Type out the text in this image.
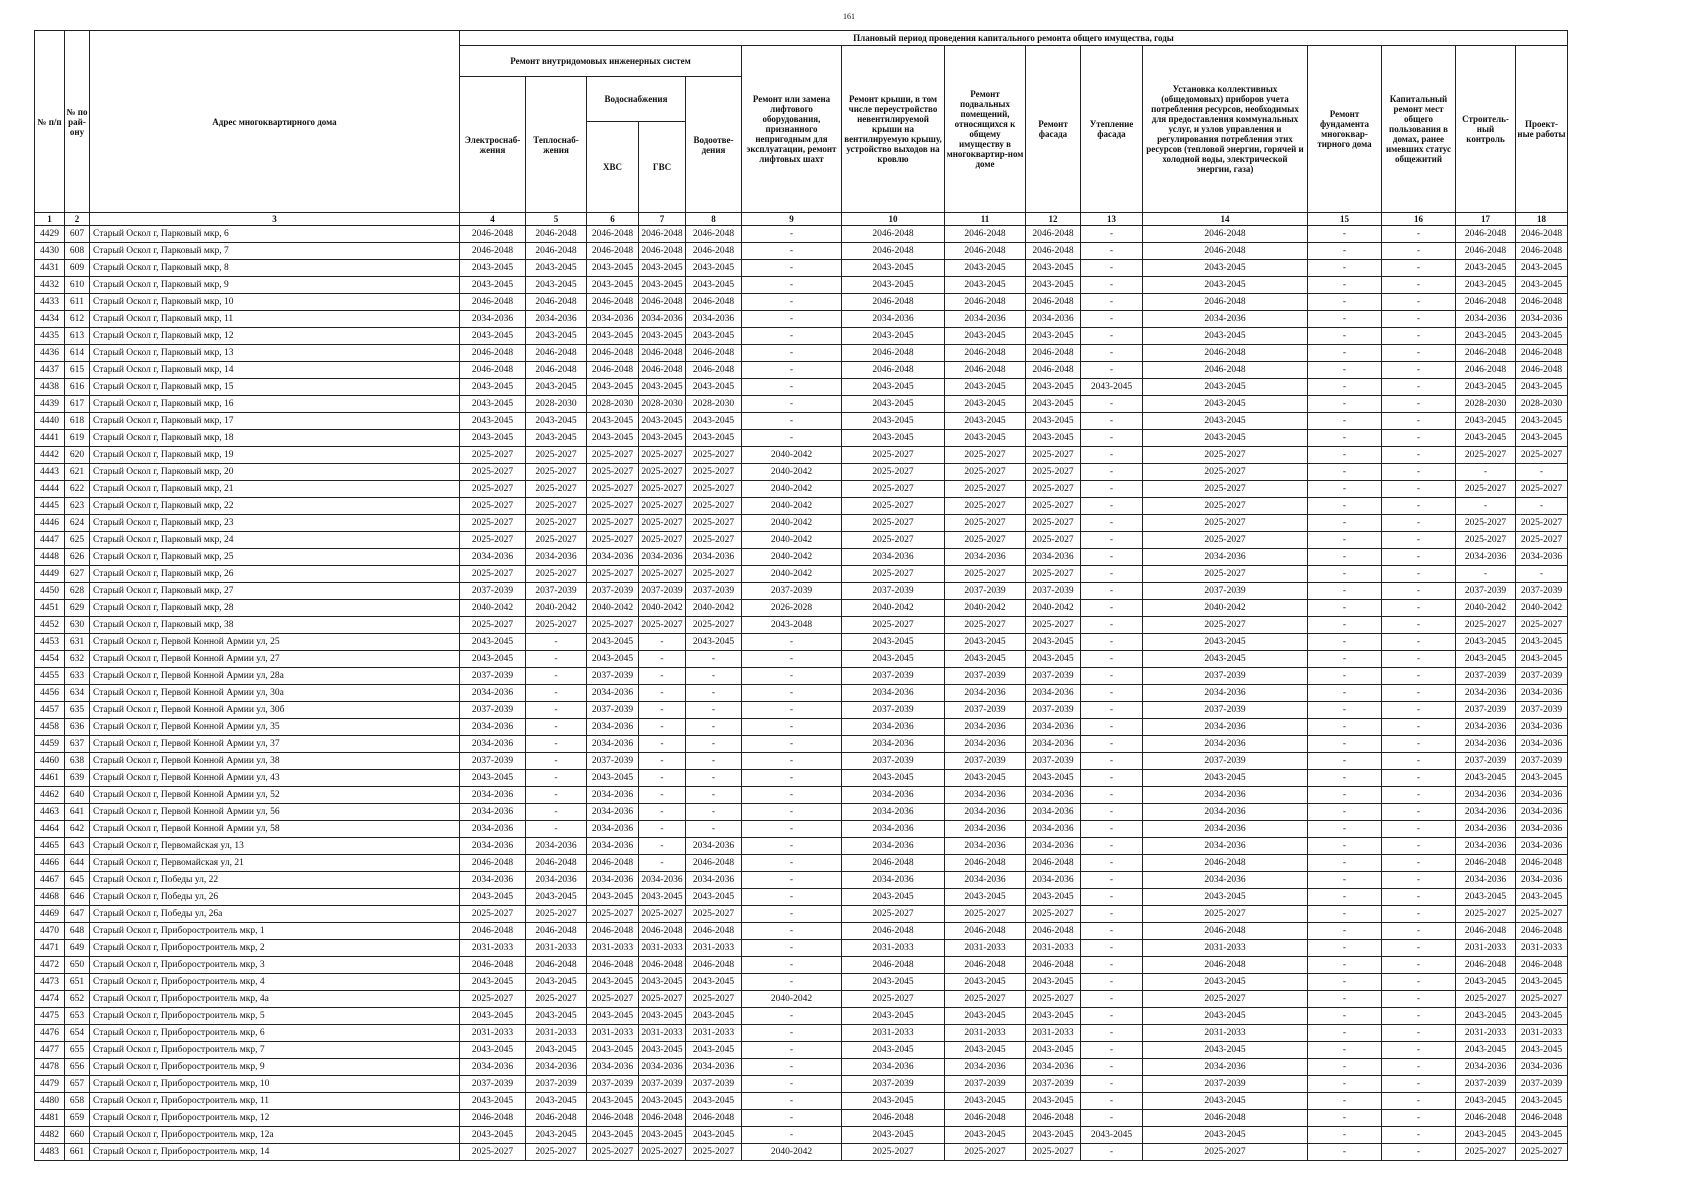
161
№ п/п	№ по рай-ону	Адрес многоквартирного дома	Плановый период проведения капитального ремонта общего имущества, годы														
			Ремонт внутридомовых инженерных систем					Ремонт или замена лифтового оборудования, признанного непригодным для эксплуатации, ремонт лифтовых шахт	Ремонт крыши, в том числе переустройство невентилируемой крыши на вентилируемую крышу, устройство выходов на кровлю	Ремонт подвальных помещений, относящихся к общему имуществу в многоквартир-ном доме	Ремонт фасада	Утепление фасада	Установка коллективных (общедомовых) приборов учета потребления ресурсов, необходимых для предоставления коммунальных услуг, и узлов управления и регулирования потребления этих ресурсов (тепловой энергии, горячей и холодной воды, электрической энергии, газа)	Ремонт фундамента многоквар-тирного дома	Капитальный ремонт мест общего пользования в домах, ранее имевших статус общежитий	Строитель-ный контроль	Проект-ные работы
			Электроснаб-жения	Теплоснаб-жения	Водоснабжения		Водоотве-дения										
					ХВС	ГВС											
1	2	3	4	5	6	7	8	9	10	11	12	13	14	15	16	17	18
4429	607	Старый Оскол г, Парковый мкр, 6	2046-2048	2046-2048	2046-2048	2046-2048	2046-2048	-	2046-2048	2046-2048	2046-2048	-	2046-2048	-	-	2046-2048	2046-2048
4430	608	Старый Оскол г, Парковый мкр, 7	2046-2048	2046-2048	2046-2048	2046-2048	2046-2048	-	2046-2048	2046-2048	2046-2048	-	2046-2048	-	-	2046-2048	2046-2048
4431	609	Старый Оскол г, Парковый мкр, 8	2043-2045	2043-2045	2043-2045	2043-2045	2043-2045	-	2043-2045	2043-2045	2043-2045	-	2043-2045	-	-	2043-2045	2043-2045
4432	610	Старый Оскол г, Парковый мкр, 9	2043-2045	2043-2045	2043-2045	2043-2045	2043-2045	-	2043-2045	2043-2045	2043-2045	-	2043-2045	-	-	2043-2045	2043-2045
4433	611	Старый Оскол г, Парковый мкр, 10	2046-2048	2046-2048	2046-2048	2046-2048	2046-2048	-	2046-2048	2046-2048	2046-2048	-	2046-2048	-	-	2046-2048	2046-2048
4434	612	Старый Оскол г, Парковый мкр, 11	2034-2036	2034-2036	2034-2036	2034-2036	2034-2036	-	2034-2036	2034-2036	2034-2036	-	2034-2036	-	-	2034-2036	2034-2036
4435	613	Старый Оскол г, Парковый мкр, 12	2043-2045	2043-2045	2043-2045	2043-2045	2043-2045	-	2043-2045	2043-2045	2043-2045	-	2043-2045	-	-	2043-2045	2043-2045
4436	614	Старый Оскол г, Парковый мкр, 13	2046-2048	2046-2048	2046-2048	2046-2048	2046-2048	-	2046-2048	2046-2048	2046-2048	-	2046-2048	-	-	2046-2048	2046-2048
4437	615	Старый Оскол г, Парковый мкр, 14	2046-2048	2046-2048	2046-2048	2046-2048	2046-2048	-	2046-2048	2046-2048	2046-2048	-	2046-2048	-	-	2046-2048	2046-2048
4438	616	Старый Оскол г, Парковый мкр, 15	2043-2045	2043-2045	2043-2045	2043-2045	2043-2045	-	2043-2045	2043-2045	2043-2045	2043-2045	2043-2045	-	-	2043-2045	2043-2045
4439	617	Старый Оскол г, Парковый мкр, 16	2043-2045	2028-2030	2028-2030	2028-2030	2028-2030	-	2043-2045	2043-2045	2043-2045	-	2043-2045	-	-	2028-2030	2028-2030
4440	618	Старый Оскол г, Парковый мкр, 17	2043-2045	2043-2045	2043-2045	2043-2045	2043-2045	-	2043-2045	2043-2045	2043-2045	-	2043-2045	-	-	2043-2045	2043-2045
4441	619	Старый Оскол г, Парковый мкр, 18	2043-2045	2043-2045	2043-2045	2043-2045	2043-2045	-	2043-2045	2043-2045	2043-2045	-	2043-2045	-	-	2043-2045	2043-2045
4442	620	Старый Оскол г, Парковый мкр, 19	2025-2027	2025-2027	2025-2027	2025-2027	2025-2027	2040-2042	2025-2027	2025-2027	2025-2027	-	2025-2027	-	-	2025-2027	2025-2027
4443	621	Старый Оскол г, Парковый мкр, 20	2025-2027	2025-2027	2025-2027	2025-2027	2025-2027	2040-2042	2025-2027	2025-2027	2025-2027	-	2025-2027	-	-	-	-
4444	622	Старый Оскол г, Парковый мкр, 21	2025-2027	2025-2027	2025-2027	2025-2027	2025-2027	2040-2042	2025-2027	2025-2027	2025-2027	-	2025-2027	-	-	2025-2027	2025-2027
4445	623	Старый Оскол г, Парковый мкр, 22	2025-2027	2025-2027	2025-2027	2025-2027	2025-2027	2040-2042	2025-2027	2025-2027	2025-2027	-	2025-2027	-	-	-	-
4446	624	Старый Оскол г, Парковый мкр, 23	2025-2027	2025-2027	2025-2027	2025-2027	2025-2027	2040-2042	2025-2027	2025-2027	2025-2027	-	2025-2027	-	-	2025-2027	2025-2027
4447	625	Старый Оскол г, Парковый мкр, 24	2025-2027	2025-2027	2025-2027	2025-2027	2025-2027	2040-2042	2025-2027	2025-2027	2025-2027	-	2025-2027	-	-	2025-2027	2025-2027
4448	626	Старый Оскол г, Парковый мкр, 25	2034-2036	2034-2036	2034-2036	2034-2036	2034-2036	2040-2042	2034-2036	2034-2036	2034-2036	-	2034-2036	-	-	2034-2036	2034-2036
4449	627	Старый Оскол г, Парковый мкр, 26	2025-2027	2025-2027	2025-2027	2025-2027	2025-2027	2040-2042	2025-2027	2025-2027	2025-2027	-	2025-2027	-	-	-	-
4450	628	Старый Оскол г, Парковый мкр, 27	2037-2039	2037-2039	2037-2039	2037-2039	2037-2039	2037-2039	2037-2039	2037-2039	2037-2039	-	2037-2039	-	-	2037-2039	2037-2039
4451	629	Старый Оскол г, Парковый мкр, 28	2040-2042	2040-2042	2040-2042	2040-2042	2040-2042	2026-2028	2040-2042	2040-2042	2040-2042	-	2040-2042	-	-	2040-2042	2040-2042
4452	630	Старый Оскол г, Парковый мкр, 38	2025-2027	2025-2027	2025-2027	2025-2027	2025-2027	2043-2048	2025-2027	2025-2027	2025-2027	-	2025-2027	-	-	2025-2027	2025-2027
4453	631	Старый Оскол г, Первой Конной Армии ул, 25	2043-2045	-	2043-2045	-	2043-2045	-	2043-2045	2043-2045	2043-2045	-	2043-2045	-	-	2043-2045	2043-2045
4454	632	Старый Оскол г, Первой Конной Армии ул, 27	2043-2045	-	2043-2045	-	-	-	2043-2045	2043-2045	2043-2045	-	2043-2045	-	-	2043-2045	2043-2045
4455	633	Старый Оскол г, Первой Конной Армии ул, 28а	2037-2039	-	2037-2039	-	-	-	2037-2039	2037-2039	2037-2039	-	2037-2039	-	-	2037-2039	2037-2039
4456	634	Старый Оскол г, Первой Конной Армии ул, 30а	2034-2036	-	2034-2036	-	-	-	2034-2036	2034-2036	2034-2036	-	2034-2036	-	-	2034-2036	2034-2036
4457	635	Старый Оскол г, Первой Конной Армии ул, 30б	2037-2039	-	2037-2039	-	-	-	2037-2039	2037-2039	2037-2039	-	2037-2039	-	-	2037-2039	2037-2039
4458	636	Старый Оскол г, Первой Конной Армии ул, 35	2034-2036	-	2034-2036	-	-	-	2034-2036	2034-2036	2034-2036	-	2034-2036	-	-	2034-2036	2034-2036
4459	637	Старый Оскол г, Первой Конной Армии ул, 37	2034-2036	-	2034-2036	-	-	-	2034-2036	2034-2036	2034-2036	-	2034-2036	-	-	2034-2036	2034-2036
4460	638	Старый Оскол г, Первой Конной Армии ул, 38	2037-2039	-	2037-2039	-	-	-	2037-2039	2037-2039	2037-2039	-	2037-2039	-	-	2037-2039	2037-2039
4461	639	Старый Оскол г, Первой Конной Армии ул, 43	2043-2045	-	2043-2045	-	-	-	2043-2045	2043-2045	2043-2045	-	2043-2045	-	-	2043-2045	2043-2045
4462	640	Старый Оскол г, Первой Конной Армии ул, 52	2034-2036	-	2034-2036	-	-	-	2034-2036	2034-2036	2034-2036	-	2034-2036	-	-	2034-2036	2034-2036
4463	641	Старый Оскол г, Первой Конной Армии ул, 56	2034-2036	-	2034-2036	-	-	-	2034-2036	2034-2036	2034-2036	-	2034-2036	-	-	2034-2036	2034-2036
4464	642	Старый Оскол г, Первой Конной Армии ул, 58	2034-2036	-	2034-2036	-	-	-	2034-2036	2034-2036	2034-2036	-	2034-2036	-	-	2034-2036	2034-2036
4465	643	Старый Оскол г, Первомайская ул, 13	2034-2036	2034-2036	2034-2036	-	2034-2036	-	2034-2036	2034-2036	2034-2036	-	2034-2036	-	-	2034-2036	2034-2036
4466	644	Старый Оскол г, Первомайская ул, 21	2046-2048	2046-2048	2046-2048	-	2046-2048	-	2046-2048	2046-2048	2046-2048	-	2046-2048	-	-	2046-2048	2046-2048
4467	645	Старый Оскол г, Победы ул, 22	2034-2036	2034-2036	2034-2036	2034-2036	2034-2036	-	2034-2036	2034-2036	2034-2036	-	2034-2036	-	-	2034-2036	2034-2036
4468	646	Старый Оскол г, Победы ул, 26	2043-2045	2043-2045	2043-2045	2043-2045	2043-2045	-	2043-2045	2043-2045	2043-2045	-	2043-2045	-	-	2043-2045	2043-2045
4469	647	Старый Оскол г, Победы ул, 26а	2025-2027	2025-2027	2025-2027	2025-2027	2025-2027	-	2025-2027	2025-2027	2025-2027	-	2025-2027	-	-	2025-2027	2025-2027
4470	648	Старый Оскол г, Приборостроитель мкр, 1	2046-2048	2046-2048	2046-2048	2046-2048	2046-2048	-	2046-2048	2046-2048	2046-2048	-	2046-2048	-	-	2046-2048	2046-2048
4471	649	Старый Оскол г, Приборостроитель мкр, 2	2031-2033	2031-2033	2031-2033	2031-2033	2031-2033	-	2031-2033	2031-2033	2031-2033	-	2031-2033	-	-	2031-2033	2031-2033
4472	650	Старый Оскол г, Приборостроитель мкр, 3	2046-2048	2046-2048	2046-2048	2046-2048	2046-2048	-	2046-2048	2046-2048	2046-2048	-	2046-2048	-	-	2046-2048	2046-2048
4473	651	Старый Оскол г, Приборостроитель мкр, 4	2043-2045	2043-2045	2043-2045	2043-2045	2043-2045	-	2043-2045	2043-2045	2043-2045	-	2043-2045	-	-	2043-2045	2043-2045
4474	652	Старый Оскол г, Приборостроитель мкр, 4а	2025-2027	2025-2027	2025-2027	2025-2027	2025-2027	2040-2042	2025-2027	2025-2027	2025-2027	-	2025-2027	-	-	2025-2027	2025-2027
4475	653	Старый Оскол г, Приборостроитель мкр, 5	2043-2045	2043-2045	2043-2045	2043-2045	2043-2045	-	2043-2045	2043-2045	2043-2045	-	2043-2045	-	-	2043-2045	2043-2045
4476	654	Старый Оскол г, Приборостроитель мкр, 6	2031-2033	2031-2033	2031-2033	2031-2033	2031-2033	-	2031-2033	2031-2033	2031-2033	-	2031-2033	-	-	2031-2033	2031-2033
4477	655	Старый Оскол г, Приборостроитель мкр, 7	2043-2045	2043-2045	2043-2045	2043-2045	2043-2045	-	2043-2045	2043-2045	2043-2045	-	2043-2045	-	-	2043-2045	2043-2045
4478	656	Старый Оскол г, Приборостроитель мкр, 9	2034-2036	2034-2036	2034-2036	2034-2036	2034-2036	-	2034-2036	2034-2036	2034-2036	-	2034-2036	-	-	2034-2036	2034-2036
4479	657	Старый Оскол г, Приборостроитель мкр, 10	2037-2039	2037-2039	2037-2039	2037-2039	2037-2039	-	2037-2039	2037-2039	2037-2039	-	2037-2039	-	-	2037-2039	2037-2039
4480	658	Старый Оскол г, Приборостроитель мкр, 11	2043-2045	2043-2045	2043-2045	2043-2045	2043-2045	-	2043-2045	2043-2045	2043-2045	-	2043-2045	-	-	2043-2045	2043-2045
4481	659	Старый Оскол г, Приборостроитель мкр, 12	2046-2048	2046-2048	2046-2048	2046-2048	2046-2048	-	2046-2048	2046-2048	2046-2048	-	2046-2048	-	-	2046-2048	2046-2048
4482	660	Старый Оскол г, Приборостроитель мкр, 12а	2043-2045	2043-2045	2043-2045	2043-2045	2043-2045	-	2043-2045	2043-2045	2043-2045	2043-2045	2043-2045	-	-	2043-2045	2043-2045
4483	661	Старый Оскол г, Приборостроитель мкр, 14	2025-2027	2025-2027	2025-2027	2025-2027	2025-2027	2040-2042	2025-2027	2025-2027	2025-2027	-	2025-2027	-	-	2025-2027	2025-2027
